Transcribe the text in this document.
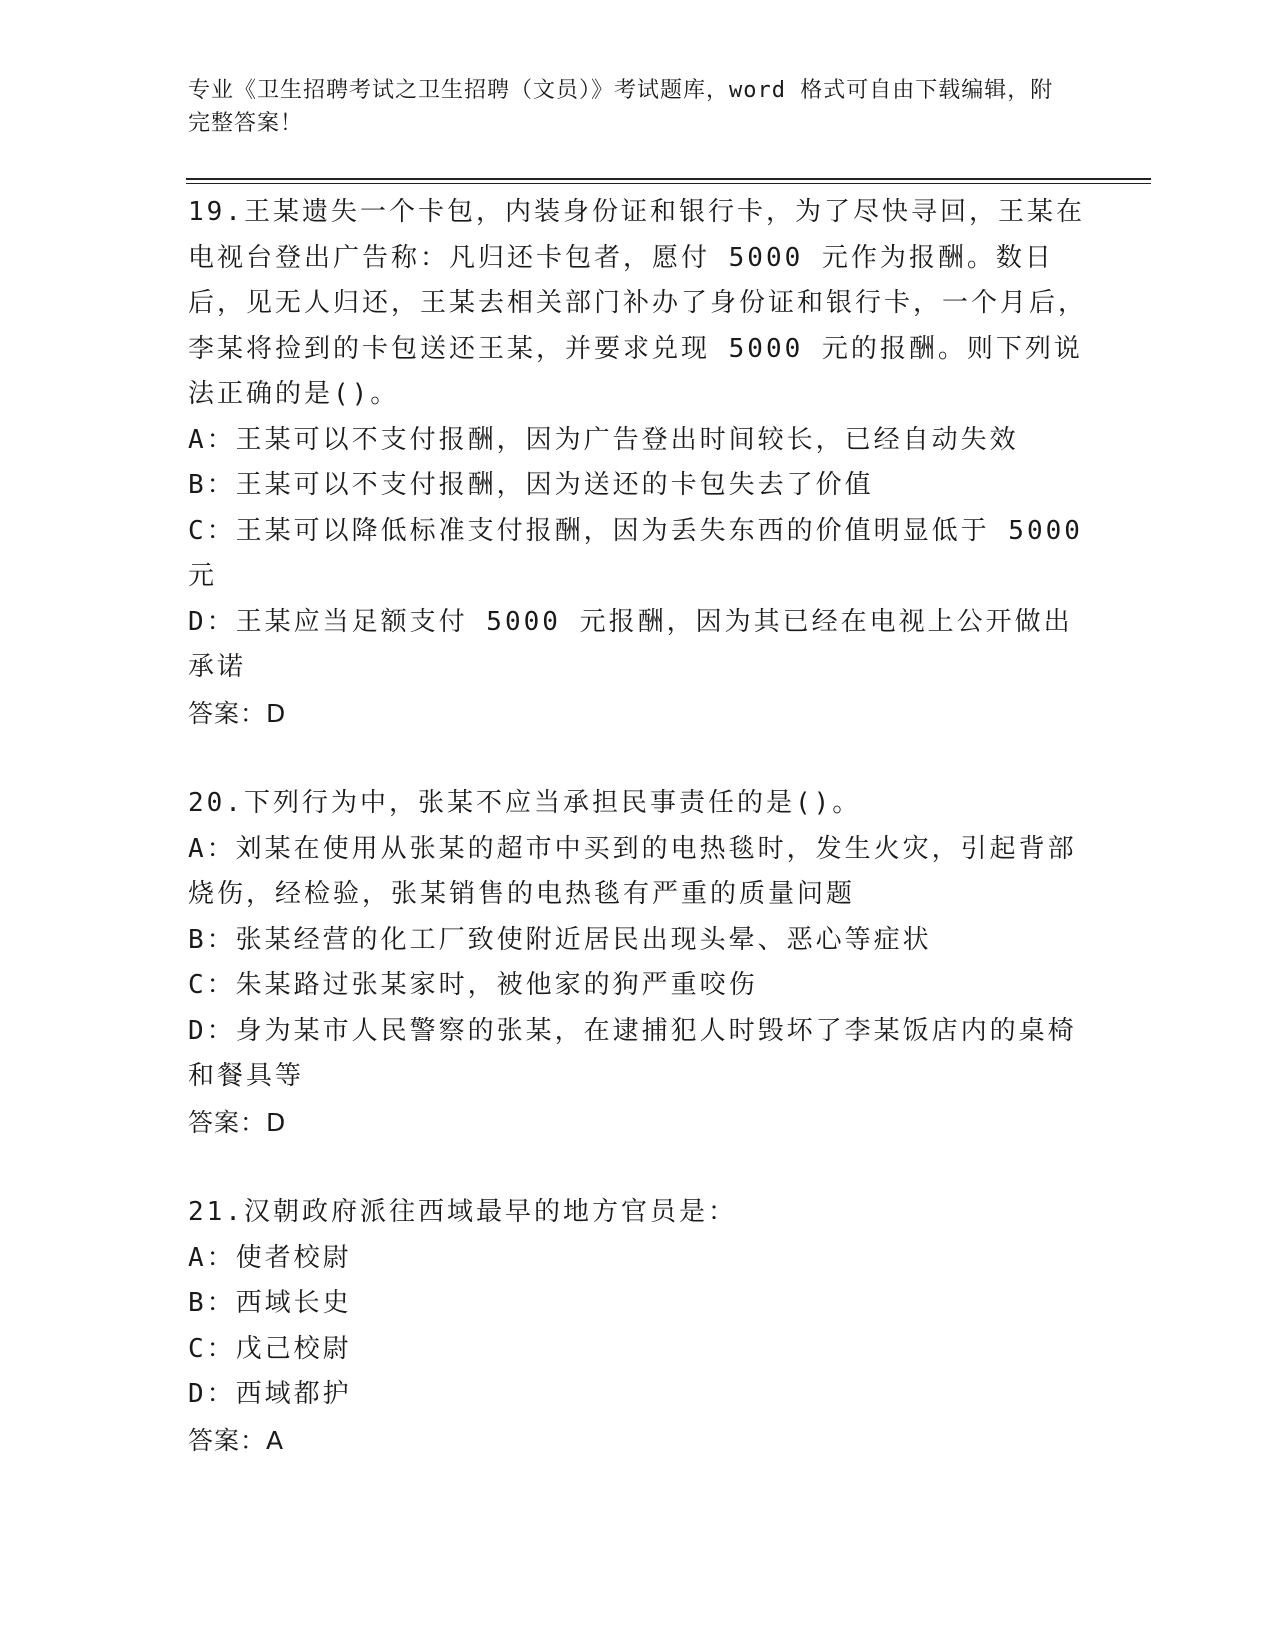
专业《卫生招聘考试之卫生招聘（文员）》考试题库，word 格式可自由下载编辑，附完整答案！
19.王某遗失一个卡包，内装身份证和银行卡，为了尽快寻回，王某在电视台登出广告称：凡归还卡包者，愿付 5000 元作为报酬。数日后，见无人归还，王某去相关部门补办了身份证和银行卡，一个月后，李某将捡到的卡包送还王某，并要求兑现 5000 元的报酬。则下列说法正确的是()。
A：王某可以不支付报酬，因为广告登出时间较长，已经自动失效
B：王某可以不支付报酬，因为送还的卡包失去了价值
C：王某可以降低标准支付报酬，因为丢失东西的价值明显低于 5000 元
D：王某应当足额支付 5000 元报酬，因为其已经在电视上公开做出承诺
答案：D
20.下列行为中，张某不应当承担民事责任的是()。
A：刘某在使用从张某的超市中买到的电热毯时，发生火灾，引起背部烧伤，经检验，张某销售的电热毯有严重的质量问题
B：张某经营的化工厂致使附近居民出现头晕、恶心等症状
C：朱某路过张某家时，被他家的狗严重咬伤
D：身为某市人民警察的张某，在逮捕犯人时毁坏了李某饭店内的桌椅和餐具等
答案：D
21.汉朝政府派往西域最早的地方官员是：
A：使者校尉
B：西域长史
C：戊己校尉
D：西域都护
答案：A
